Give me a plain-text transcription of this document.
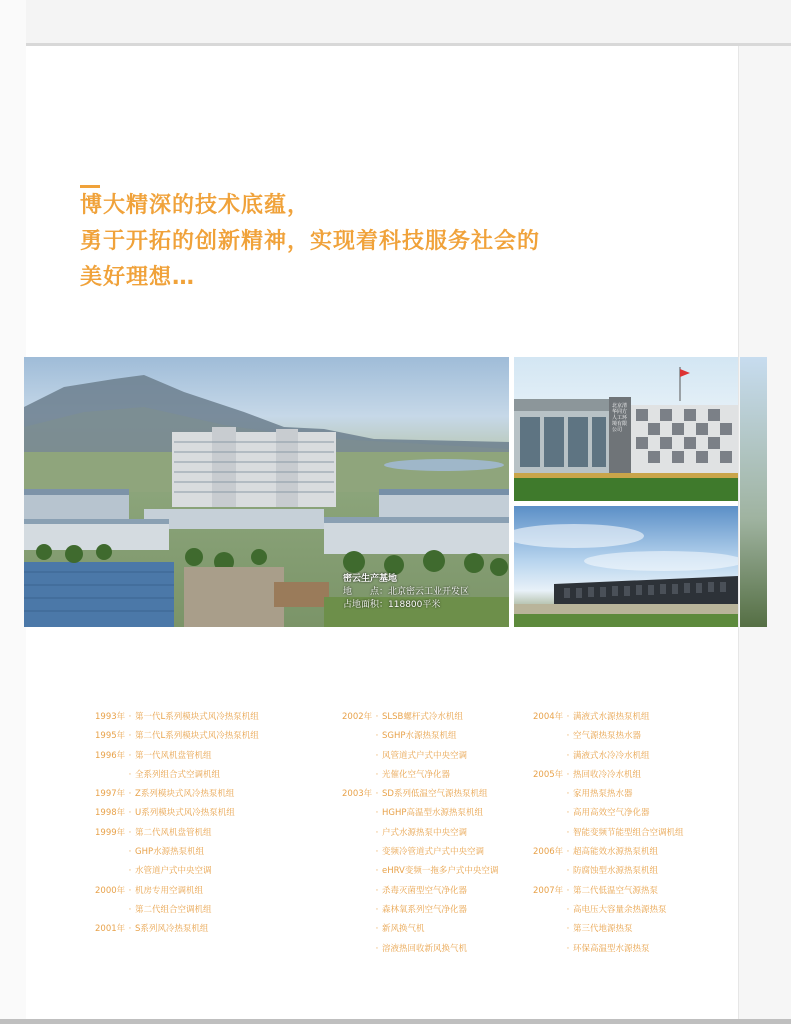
博大精深的技术底蕴，
勇于开拓的创新精神，实现着科技服务社会的
美好理想…
北京清华同方人工环境有限公司
密云生产基地
地　　点：北京密云工业开发区
占地面积：118800平米
1993年 · 第一代L系列模块式风冷热泵机组
1995年 · 第二代L系列模块式风冷热泵机组
1996年 · 第一代风机盘管机组
· 全系列组合式空调机组
1997年 · Z系列模块式风冷热泵机组
1998年 · U系列模块式风冷热泵机组
1999年 · 第二代风机盘管机组
· GHP水源热泵机组
· 水管道户式中央空调
2000年 · 机房专用空调机组
· 第二代组合空调机组
2001年 · S系列风冷热泵机组
2002年 · SLSB螺杆式冷水机组
· SGHP水源热泵机组
· 风管道式户式中央空调
· 光催化空气净化器
2003年 · SD系列低温空气源热泵机组
· HGHP高温型水源热泵机组
· 户式水源热泵中央空调
· 变频冷管道式户式中央空调
· eHRV变频一拖多户式中央空调
· 杀毒灭菌型空气净化器
· 森林氧系列空气净化器
· 新风换气机
· 溶液热回收新风换气机
2004年 · 满液式水源热泵机组
· 空气源热泵热水器
· 满液式水冷冷水机组
2005年 · 热回收冷冷水机组
· 家用热泵热水器
· 高用高效空气净化器
· 智能变频节能型组合空调机组
2006年 · 超高能效水源热泵机组
· 防腐蚀型水源热泵机组
2007年 · 第二代低温空气源热泵
· 高电压大容量余热源热泵
· 第三代地源热泵
· 环保高温型水源热泵
